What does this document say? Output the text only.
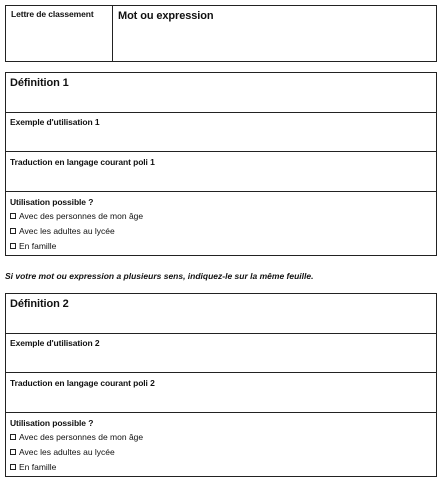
Lettre de classement Mot ou expression
Définition 1
Exemple d'utilisation 1
Traduction en langage courant poli 1
Utilisation possible ?
Avec des personnes de mon âge
Avec les adultes au lycée
En famille
Si votre mot ou expression a plusieurs sens, indiquez-le sur la même feuille.
Définition 2
Exemple d'utilisation 2
Traduction en langage courant poli 2
Utilisation possible ?
Avec des personnes de mon âge
Avec les adultes au lycée
En famille
